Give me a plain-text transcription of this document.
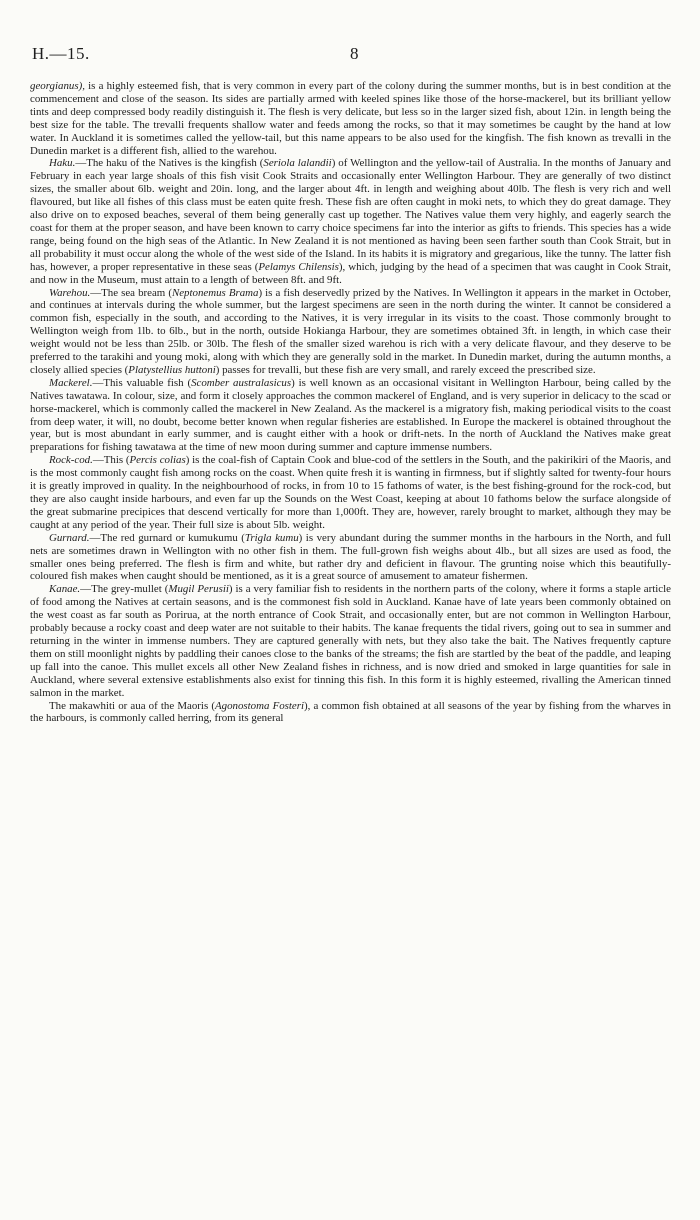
H.—15.	8

georgianus), is a highly esteemed fish, that is very common in every part of the colony during the summer months, but is in best condition at the commencement and close of the season. Its sides are partially armed with keeled spines like those of the horse-mackerel, but its brilliant yellow tints and deep compressed body readily distinguish it. The flesh is very delicate, but less so in the larger sized fish, about 12in. in length being the best size for the table. The trevalli frequents shallow water and feeds among the rocks, so that it may sometimes be caught by the hand at low water. In Auckland it is sometimes called the yellow-tail, but this name appears to be also used for the kingfish. The fish known as trevalli in the Dunedin market is a different fish, allied to the warehou.

Haku.—The haku of the Natives is the kingfish (Seriola lalandii) of Wellington and the yellow-tail of Australia. In the months of January and February in each year large shoals of this fish visit Cook Straits and occasionally enter Wellington Harbour. They are generally of two distinct sizes, the smaller about 6lb. weight and 20in. long, and the larger about 4ft. in length and weighing about 40lb. The flesh is very rich and well flavoured, but like all fishes of this class must be eaten quite fresh. These fish are often caught in moki nets, to which they do great damage. They also drive on to exposed beaches, several of them being generally cast up together. The Natives value them very highly, and eagerly search the coast for them at the proper season, and have been known to carry choice specimens far into the interior as gifts to friends. This species has a wide range, being found on the high seas of the Atlantic. In New Zealand it is not mentioned as having been seen farther south than Cook Strait, but in all probability it must occur along the whole of the west side of the Island. In its habits it is migratory and gregarious, like the tunny. The latter fish has, however, a proper representative in these seas (Pelamys Chilensis), which, judging by the head of a specimen that was caught in Cook Strait, and now in the Museum, must attain to a length of between 8ft. and 9ft.

Warehou.—The sea bream (Neptonemus Brama) is a fish deservedly prized by the Natives. In Wellington it appears in the market in October, and continues at intervals during the whole summer, but the largest specimens are seen in the north during the winter. It cannot be considered a common fish, especially in the south, and according to the Natives, it is very irregular in its visits to the coast. Those commonly brought to Wellington weigh from 1lb. to 6lb., but in the north, outside Hokianga Harbour, they are sometimes obtained 3ft. in length, in which case their weight would not be less than 25lb. or 30lb. The flesh of the smaller sized warehou is rich with a very delicate flavour, and they deserve to be preferred to the tarakihi and young moki, along with which they are generally sold in the market. In Dunedin market, during the autumn months, a closely allied species (Platystellius huttoni) passes for trevalli, but these fish are very small, and rarely exceed the prescribed size.

Mackerel.—This valuable fish (Scomber australasicus) is well known as an occasional visitant in Wellington Harbour, being called by the Natives tawatawa. In colour, size, and form it closely approaches the common mackerel of England, and is very superior in delicacy to the scad or horse-mackerel, which is commonly called the mackerel in New Zealand. As the mackerel is a migratory fish, making periodical visits to the coast from deep water, it will, no doubt, become better known when regular fisheries are established. In Europe the mackerel is obtained throughout the year, but is most abundant in early summer, and is caught either with a hook or drift-nets. In the north of Auckland the Natives make great preparations for fishing tawatawa at the time of new moon during summer and capture immense numbers.

Rock-cod.—This (Percis colias) is the coal-fish of Captain Cook and blue-cod of the settlers in the South, and the pakirikiri of the Maoris, and is the most commonly caught fish among rocks on the coast. When quite fresh it is wanting in firmness, but if slightly salted for twenty-four hours it is greatly improved in quality. In the neighbourhood of rocks, in from 10 to 15 fathoms of water, is the best fishing-ground for the rock-cod, but they are also caught inside harbours, and even far up the Sounds on the West Coast, keeping at about 10 fathoms below the surface alongside of the great submarine precipices that descend vertically for more than 1,000ft. They are, however, rarely brought to market, although they may be caught at any period of the year. Their full size is about 5lb. weight.

Gurnard.—The red gurnard or kumukumu (Trigla kumu) is very abundant during the summer months in the harbours in the North, and full nets are sometimes drawn in Wellington with no other fish in them. The full-grown fish weighs about 4lb., but all sizes are used as food, the smaller ones being preferred. The flesh is firm and white, but rather dry and deficient in flavour. The grunting noise which this beautifully-coloured fish makes when caught should be mentioned, as it is a great source of amusement to amateur fishermen.

Kanae.—The grey-mullet (Mugil Perusii) is a very familiar fish to residents in the northern parts of the colony, where it forms a staple article of food among the Natives at certain seasons, and is the commonest fish sold in Auckland. Kanae have of late years been commonly obtained on the west coast as far south as Porirua, at the north entrance of Cook Strait, and occasionally enter, but are not common in Wellington Harbour, probably because a rocky coast and deep water are not suitable to their habits. The kanae frequents the tidal rivers, going out to sea in summer and returning in the winter in immense numbers. They are captured generally with nets, but they also take the bait. The Natives frequently capture them on still moonlight nights by paddling their canoes close to the banks of the streams; the fish are startled by the beat of the paddle, and leaping up fall into the canoe. This mullet excels all other New Zealand fishes in richness, and is now dried and smoked in large quantities for sale in Auckland, where several extensive establishments also exist for tinning this fish. In this form it is highly esteemed, rivalling the American tinned salmon in the market.

The makawhiti or aua of the Maoris (Agonostoma Fosteri), a common fish obtained at all seasons of the year by fishing from the wharves in the harbours, is commonly called herring, from its general
